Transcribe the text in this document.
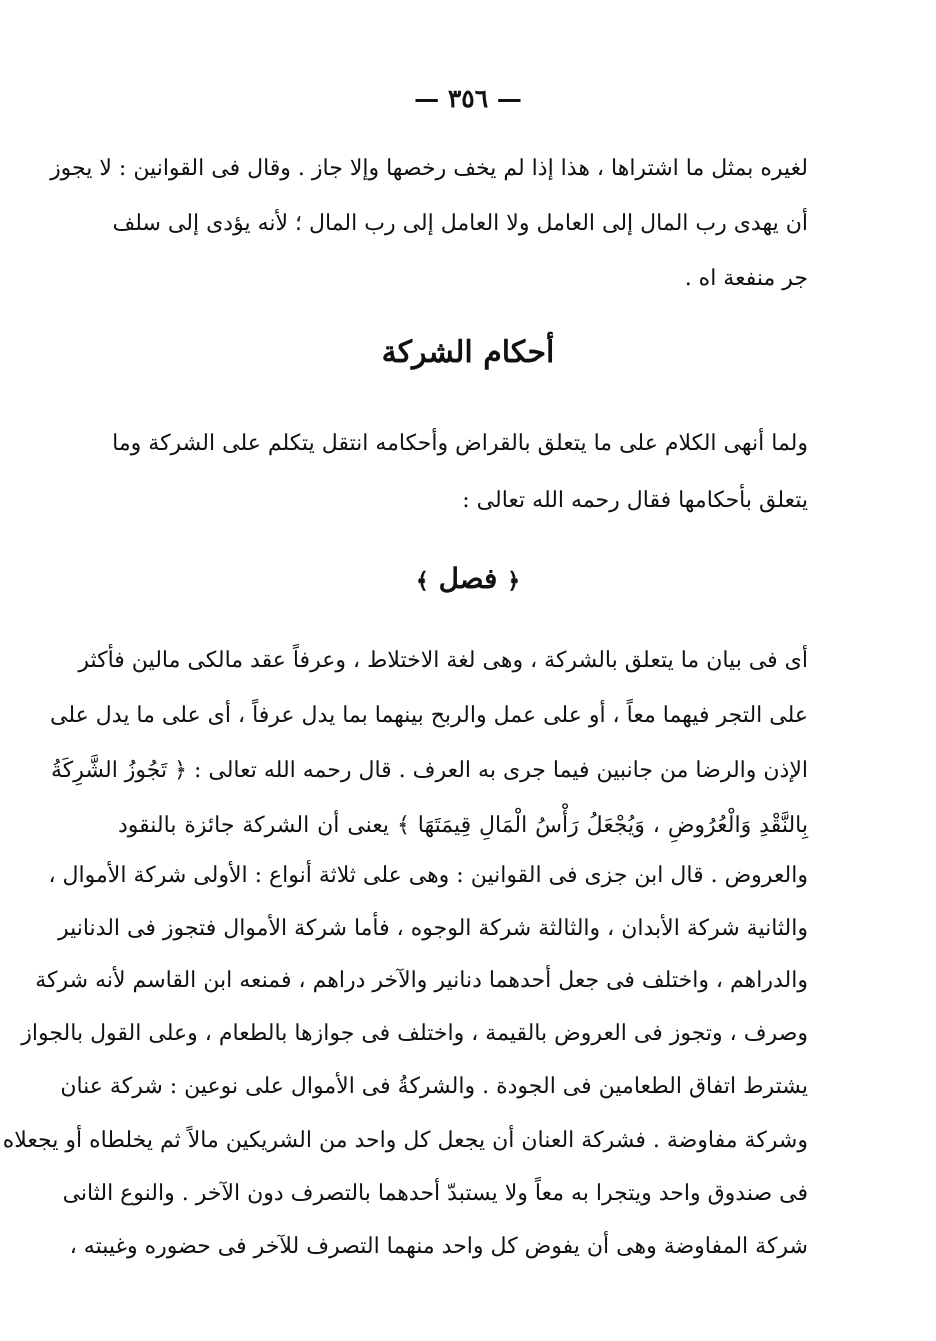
— ٣٥٦ —
لغيره بمثل ما اشتراها ، هذا إذا لم يخف رخصها وإلا جاز . وقال فى القوانين : لا يجوز
أن يهدى رب المال إلى العامل ولا العامل إلى رب المال ؛ لأنه يؤدى إلى سلف
جر منفعة اه .
أحكام الشركة
ولما أنهى الكلام على ما يتعلق بالقراض وأحكامه انتقل يتكلم على الشركة وما
يتعلق بأحكامها فقال رحمه الله تعالى :
﴿ فصل ﴾
أى فى بيان ما يتعلق بالشركة ، وهى لغة الاختلاط ، وعرفاً عقد مالكى مالين فأكثر
على التجر فيهما معاً ، أو على عمل والربح بينهما بما يدل عرفاً ، أى على ما يدل على
الإذن والرضا من جانبين فيما جرى به العرف . قال رحمه الله تعالى : ﴿ تَجُوزُ الشَّرِكَةُ
بِالنَّقْدِ وَالْعُرُوضِ ، وَيُجْعَلُ رَأْسُ الْمَالِ قِيمَتَهَا ﴾ يعنى أن الشركة جائزة بالنقود
والعروض . قال ابن جزى فى القوانين : وهى على ثلاثة أنواع : الأولى شركة الأموال ،
والثانية شركة الأبدان ، والثالثة شركة الوجوه ، فأما شركة الأموال فتجوز فى الدنانير
والدراهم ، واختلف فى جعل أحدهما دنانير والآخر دراهم ، فمنعه ابن القاسم لأنه شركة
وصرف ، وتجوز فى العروض بالقيمة ، واختلف فى جوازها بالطعام ، وعلى القول بالجواز
يشترط اتفاق الطعامين فى الجودة . والشركةُ فى الأموال على نوعين : شركة عنان
وشركة مفاوضة . فشركة العنان أن يجعل كل واحد من الشريكين مالاً ثم يخلطاه أو يجعلاه
فى صندوق واحد ويتجرا به معاً ولا يستبدّ أحدهما بالتصرف دون الآخر . والنوع الثانى
شركة المفاوضة وهى أن يفوض كل واحد منهما التصرف للآخر فى حضوره وغيبته ،
